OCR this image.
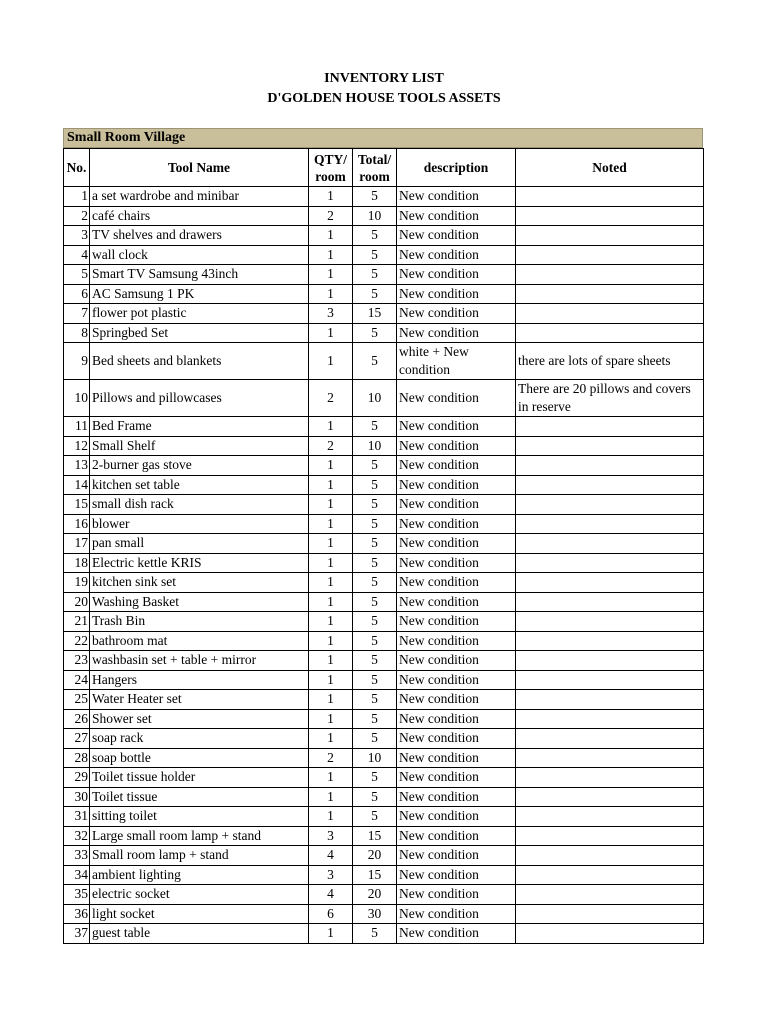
INVENTORY LIST
D'GOLDEN HOUSE TOOLS ASSETS
Small Room Village
No.	Tool Name	QTY/ room	Total/ room	description	Noted
1	a set wardrobe and minibar	1	5	New condition	
2	café chairs	2	10	New condition	
3	TV shelves and drawers	1	5	New condition	
4	wall clock	1	5	New condition	
5	Smart TV Samsung 43inch	1	5	New condition	
6	AC Samsung 1 PK	1	5	New condition	
7	flower pot plastic	3	15	New condition	
8	Springbed Set	1	5	New condition	
9	Bed sheets and blankets	1	5	white + New condition	there are lots of spare sheets
10	Pillows and pillowcases	2	10	New condition	There are 20 pillows and covers in reserve
11	Bed Frame	1	5	New condition	
12	Small Shelf	2	10	New condition	
13	2-burner gas stove	1	5	New condition	
14	kitchen set table	1	5	New condition	
15	small dish rack	1	5	New condition	
16	blower	1	5	New condition	
17	pan small	1	5	New condition	
18	Electric kettle KRIS	1	5	New condition	
19	kitchen sink set	1	5	New condition	
20	Washing Basket	1	5	New condition	
21	Trash Bin	1	5	New condition	
22	bathroom mat	1	5	New condition	
23	washbasin set + table + mirror	1	5	New condition	
24	Hangers	1	5	New condition	
25	Water Heater set	1	5	New condition	
26	Shower set	1	5	New condition	
27	soap rack	1	5	New condition	
28	soap bottle	2	10	New condition	
29	Toilet tissue holder	1	5	New condition	
30	Toilet tissue	1	5	New condition	
31	sitting toilet	1	5	New condition	
32	Large small room lamp + stand	3	15	New condition	
33	Small room lamp + stand	4	20	New condition	
34	ambient lighting	3	15	New condition	
35	electric socket	4	20	New condition	
36	light socket	6	30	New condition	
37	guest table	1	5	New condition	
